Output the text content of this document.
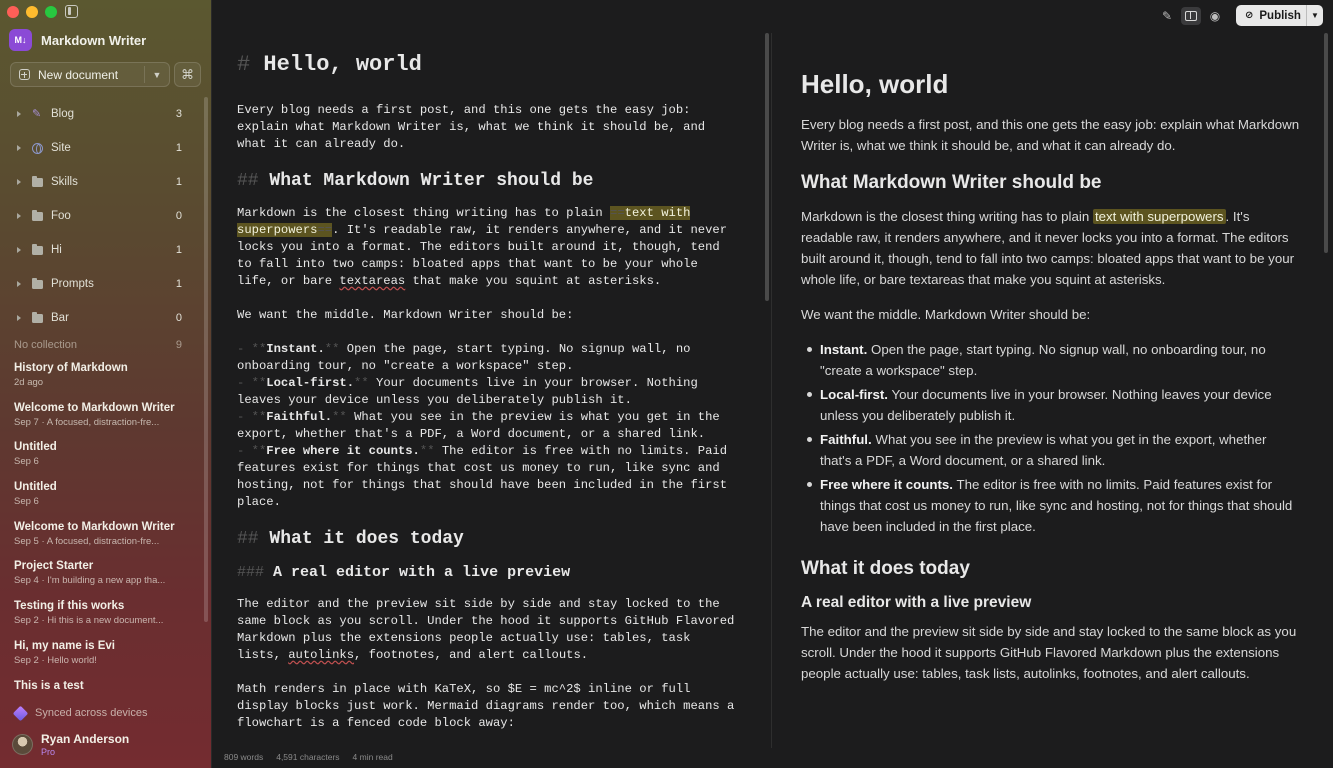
M↓	Markdown Writer
New document	▼	⌘
✎ Blog	3
Site	1
Skills	1
Foo	0
Hi	1
Prompts	1
Bar	0
No collection	9
History of Markdown
2d ago
Welcome to Markdown Writer
Sep 7 · A focused, distraction-fre...
Untitled
Sep 6
Untitled
Sep 6
Welcome to Markdown Writer
Sep 5 · A focused, distraction-fre...
Project Starter
Sep 4 · I'm building a new app tha...
Testing if this works
Sep 2 · Hi this is a new document...
Hi, my name is Evi
Sep 2 · Hello world!
This is a test
Synced across devices
Ryan Anderson
Pro
✎	◉	⊘ Publish	▼
# Hello, world
Every blog needs a first post, and this one gets the easy job: explain what Markdown Writer is, what we think it should be, and what it can already do.
## What Markdown Writer should be
Markdown is the closest thing writing has to plain ==text with superpowers==. It's readable raw, it renders anywhere, and it never locks you into a format. The editors built around it, though, tend to fall into two camps: bloated apps that want to be your whole life, or bare textareas that make you squint at asterisks.
We want the middle. Markdown Writer should be:
- **Instant.** Open the page, start typing. No signup wall, no onboarding tour, no "create a workspace" step.
- **Local-first.** Your documents live in your browser. Nothing leaves your device unless you deliberately publish it.
- **Faithful.** What you see in the preview is what you get in the export, whether that's a PDF, a Word document, or a shared link.
- **Free where it counts.** The editor is free with no limits. Paid features exist for things that cost us money to run, like sync and hosting, not for things that should have been included in the first place.
## What it does today
### A real editor with a live preview
The editor and the preview sit side by side and stay locked to the same block as you scroll. Under the hood it supports GitHub Flavored Markdown plus the extensions people actually use: tables, task lists, autolinks, footnotes, and alert callouts.
Math renders in place with KaTeX, so $E = mc^2$ inline or full display blocks just work. Mermaid diagrams render too, which means a flowchart is a fenced code block away:
Hello, world
Every blog needs a first post, and this one gets the easy job: explain what Markdown Writer is, what we think it should be, and what it can already do.
What Markdown Writer should be
Markdown is the closest thing writing has to plain text with superpowers . It's readable raw, it renders anywhere, and it never locks you into a format. The editors built around it, though, tend to fall into two camps: bloated apps that want to be your whole life, or bare textareas that make you squint at asterisks.
We want the middle. Markdown Writer should be:
Instant. Open the page, start typing. No signup wall, no onboarding tour, no "create a workspace" step.
Local-first. Your documents live in your browser. Nothing leaves your device unless you deliberately publish it.
Faithful. What you see in the preview is what you get in the export, whether that's a PDF, a Word document, or a shared link.
Free where it counts. The editor is free with no limits. Paid features exist for things that cost us money to run, like sync and hosting, not for things that should have been included in the first place.
What it does today
A real editor with a live preview
The editor and the preview sit side by side and stay locked to the same block as you scroll. Under the hood it supports GitHub Flavored Markdown plus the extensions people actually use: tables, task lists, autolinks, footnotes, and alert callouts.
809 words 4,591 characters 4 min read
